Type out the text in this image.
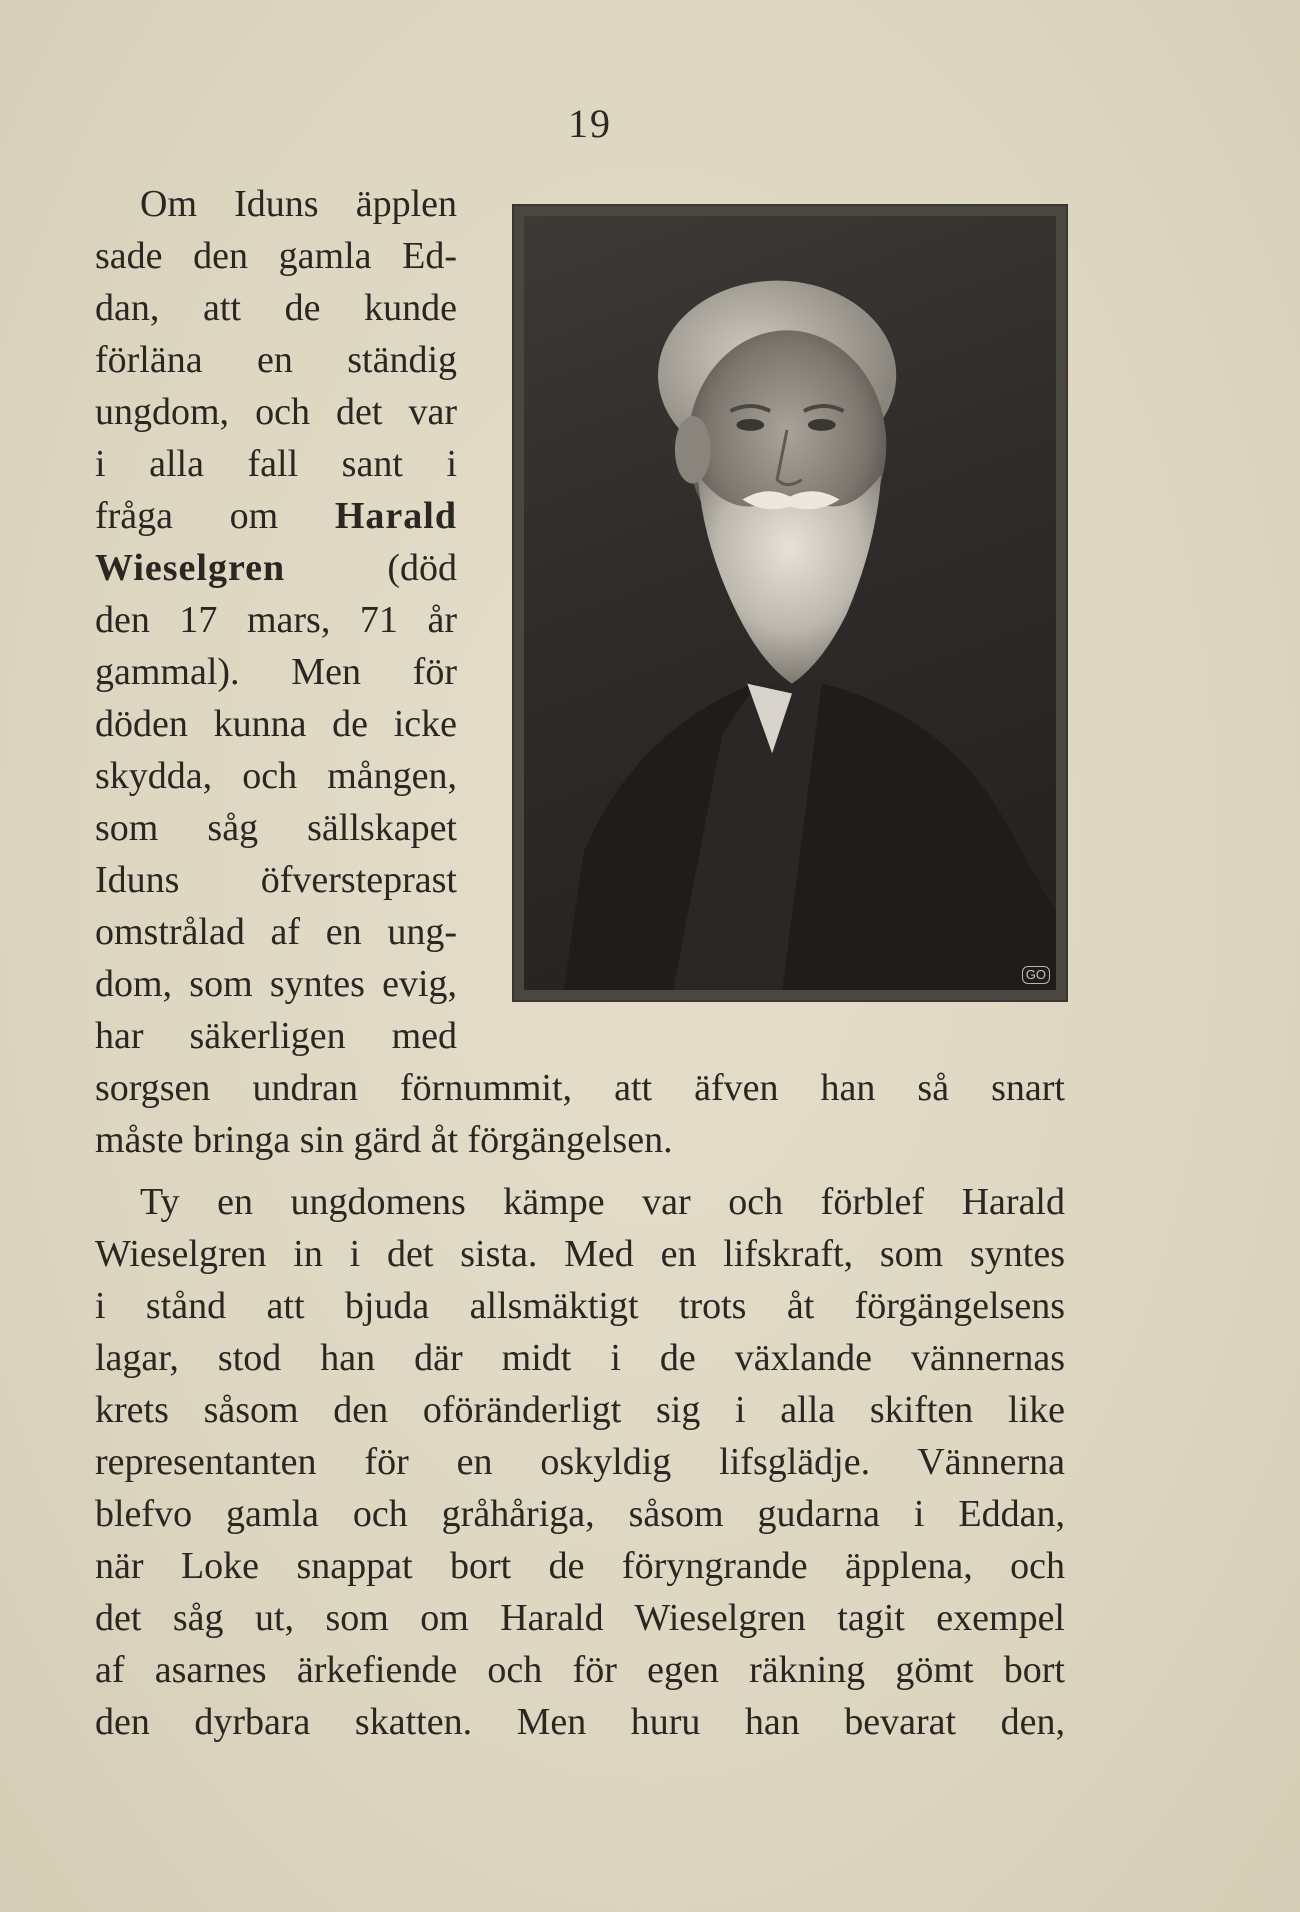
19
Om Iduns äpplen
sade den gamla Ed-
dan, att de kunde
förläna en ständig
ungdom, och det var
i alla fall sant i
fråga om Harald
Wieselgren	(död
den 17 mars, 71 år
gammal). Men för
döden kunna de icke
skydda, och mången,
som såg sällskapet
Iduns öfversteprast
omstrålad af en ung-
dom, som syntes evig,
har säkerligen med
GO
sorgsen undran förnummit, att äfven han så snart
måste bringa sin gärd åt förgängelsen.
Ty en ungdomens kämpe var och förblef Harald
Wieselgren in i det sista. Med en lifskraft, som syntes
i stånd att bjuda allsmäktigt trots åt förgängelsens
lagar, stod han där midt i de växlande vännernas
krets såsom den oföränderligt sig i alla skiften like
representanten för en oskyldig lifsglädje. Vännerna
blefvo gamla och gråhåriga, såsom gudarna i Eddan,
när Loke snappat bort de föryngrande äpplena, och
det såg ut, som om Harald Wieselgren tagit exempel
af asarnes ärkefiende och för egen räkning gömt bort
den dyrbara skatten. Men huru han bevarat den,
